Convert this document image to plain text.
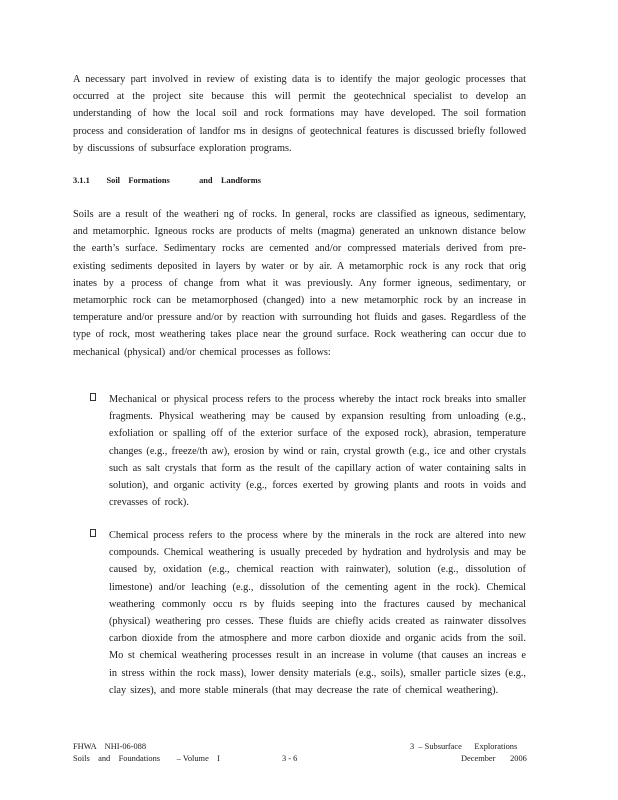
A necessary part involved in review of existing data is to identify the major geologic processes that occurred at the project site because this will permit the geotechnical specialist to develop an understanding of how the local soil and rock formations may have developed. The soil formation process and consideration of landfor ms in designs of geotechnical features is discussed briefly followed by discussions of subsurface exploration programs.

3.1.1        Soil    Formations              and    Landforms

Soils are a result of the weatheri ng of rocks. In general, rocks are classified as igneous, sedimentary, and metamorphic. Igneous rocks are products of melts (magma) generated an unknown distance below the earth’s surface. Sedimentary rocks are cemented and/or compressed materials derived from pre-existing sediments deposited in layers by water or by air. A metamorphic rock is any rock that orig inates by a process of change from what it was previously. Any former igneous, sedimentary, or metamorphic rock can be metamorphosed (changed) into a new metamorphic rock by an increase in temperature and/or pressure and/or by reaction with surrounding hot fluids and gases. Regardless of the type of rock, most weathering takes place near the ground surface. Rock weathering can occur due to mechanical (physical) and/or chemical processes as follows:

Mechanical or physical process refers to the process whereby the intact rock breaks into smaller fragments. Physical weathering may be caused by expansion resulting from unloading (e.g., exfoliation or spalling off of the exterior surface of the exposed rock), abrasion, temperature changes (e.g., freeze/th aw), erosion by wind or rain, crystal growth (e.g., ice and other crystals such as salt crystals that form as the result of the capillary action of water containing salts in solution), and organic activity (e.g., forces exerted by growing plants and roots in voids and crevasses of rock).

Chemical process refers to the process where by the minerals in the rock are altered into new compounds. Chemical weathering is usually preceded by hydration and hydrolysis and may be caused by, oxidation (e.g., chemical reaction with rainwater), solution (e.g., dissolution of limestone) and/or leaching (e.g., dissolution of the cementing agent in the rock). Chemical weathering commonly occu rs by fluids seeping into the fractures caused by mechanical (physical) weathering pro cesses. These fluids are chiefly acids created as rainwater dissolves carbon dioxide from the atmosphere and more carbon dioxide and organic acids from the soil. Mo st chemical weathering processes result in an increase in volume (that causes an increas e in stress within the rock mass), lower density materials (e.g., soils), smaller particle sizes (e.g., clay sizes), and more stable minerals (that may decrease the rate of chemical weathering).

FHWA    NHI-06-088

Soils    and    Foundations        – Volume    I	3 - 6

3  – Subsurface      Explorations

December       2006
